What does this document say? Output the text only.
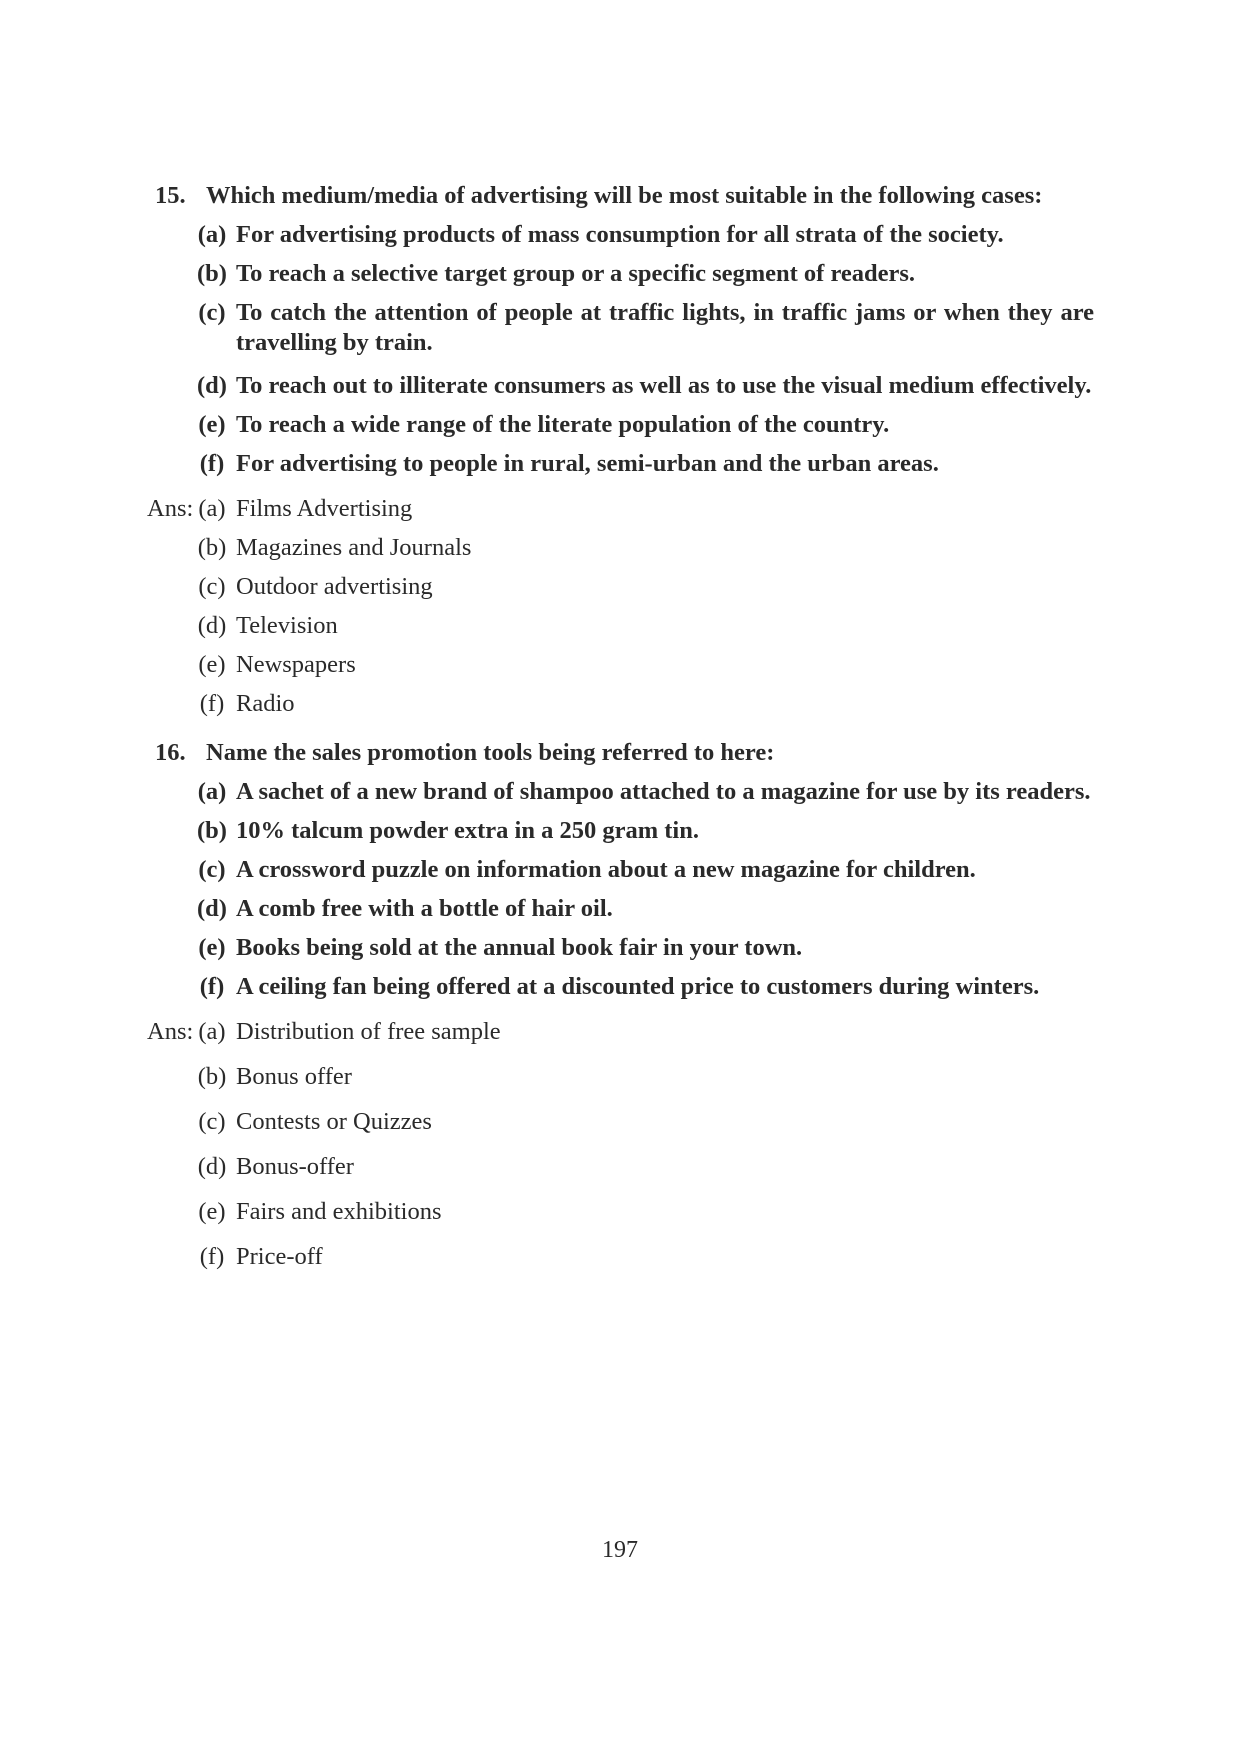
15. Which medium/media of advertising will be most suitable in the following cases:
(a) For advertising products of mass consumption for all strata of the society.
(b) To reach a selective target group or a specific segment of readers.
(c) To catch the attention of people at traffic lights, in traffic jams or when they are travelling by train.
(d) To reach out to illiterate consumers as well as to use the visual medium effectively.
(e) To reach a wide range of the literate population of the country.
(f) For advertising to people in rural, semi-urban and the urban areas.
Ans: (a) Films Advertising
(b) Magazines and Journals
(c) Outdoor advertising
(d) Television
(e) Newspapers
(f) Radio
16. Name the sales promotion tools being referred to here:
(a) A sachet of a new brand of shampoo attached to a magazine for use by its readers.
(b) 10% talcum powder extra in a 250 gram tin.
(c) A crossword puzzle on information about a new magazine for children.
(d) A comb free with a bottle of hair oil.
(e) Books being sold at the annual book fair in your town.
(f) A ceiling fan being offered at a discounted price to customers during winters.
Ans: (a) Distribution of free sample
(b) Bonus offer
(c) Contests or Quizzes
(d) Bonus-offer
(e) Fairs and exhibitions
(f) Price-off
197
